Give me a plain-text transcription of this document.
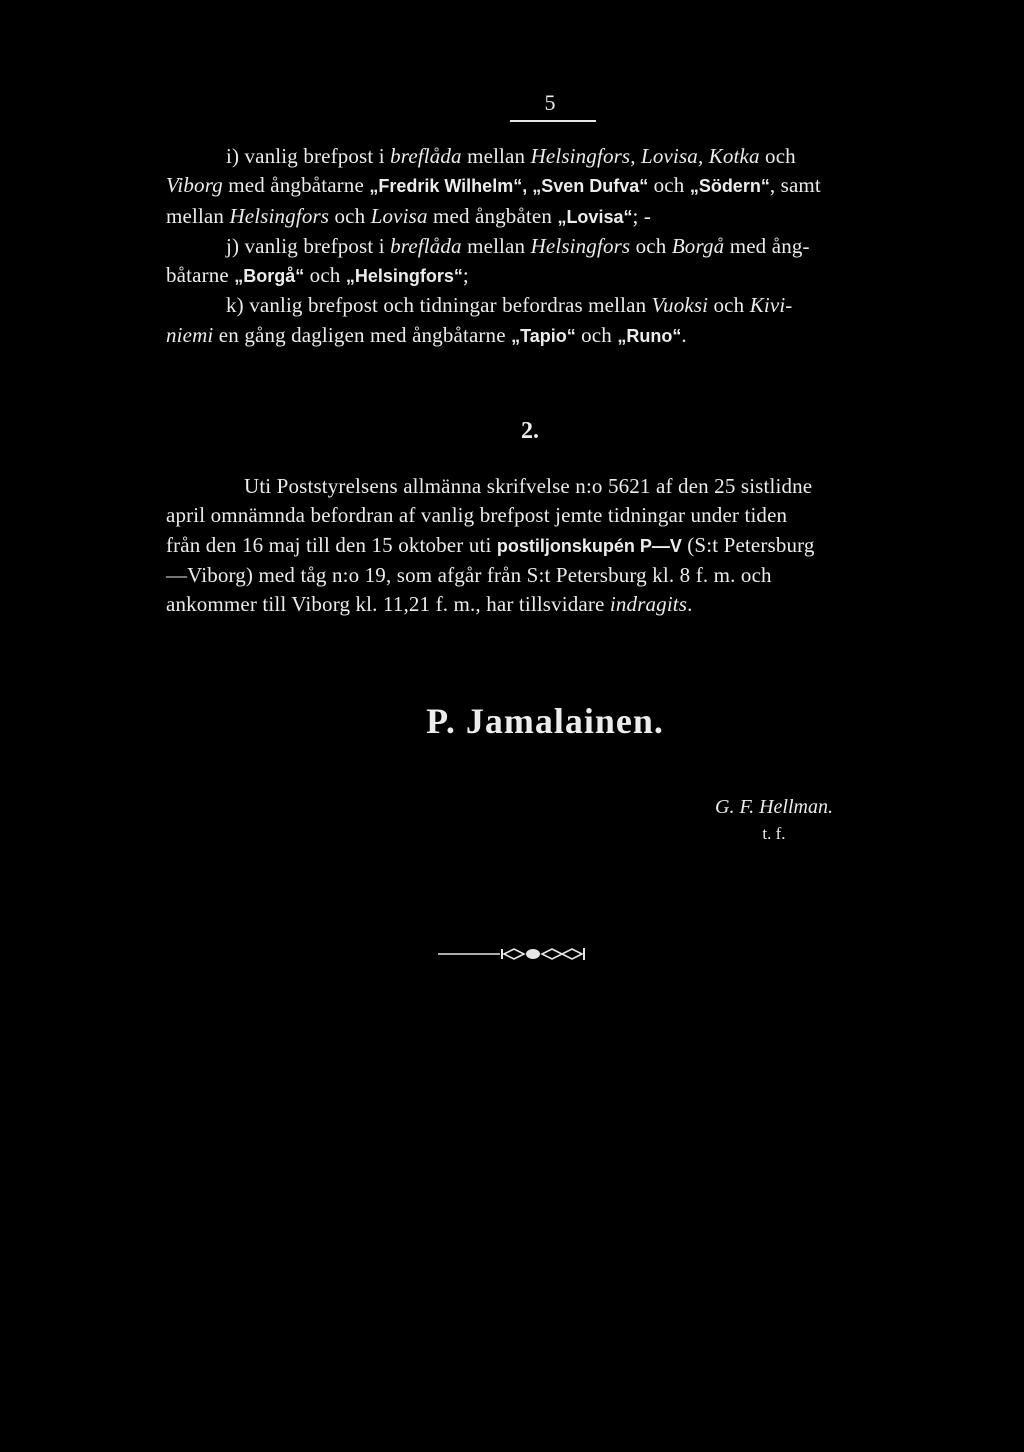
5
i) vanlig brefpost i breflåda mellan Helsingfors, Lovisa, Kotka och
Viborg med ångbåtarne „Fredrik Wilhelm“, „Sven Dufva“ och „Södern“, samt
mellan Helsingfors och Lovisa med ångbåten „Lovisa“; -
j) vanlig brefpost i breflåda mellan Helsingfors och Borgå med ång-
båtarne „Borgå“ och „Helsingfors“;
k) vanlig brefpost och tidningar befordras mellan Vuoksi och Kivi-
niemi en gång dagligen med ångbåtarne „Tapio“ och „Runo“.
2.
Uti Poststyrelsens allmänna skrifvelse n:o 5621 af den 25 sistlidne
april omnämnda befordran af vanlig brefpost jemte tidningar under tiden
från den 16 maj till den 15 oktober uti postiljonskupén P—V (S:t Petersburg
—Viborg) med tåg n:o 19, som afgår från S:t Petersburg kl. 8 f. m. och
ankommer till Viborg kl. 11,21 f. m., har tillsvidare indragits.
P. Jamalainen.
G. F. Hellman.
t. f.
